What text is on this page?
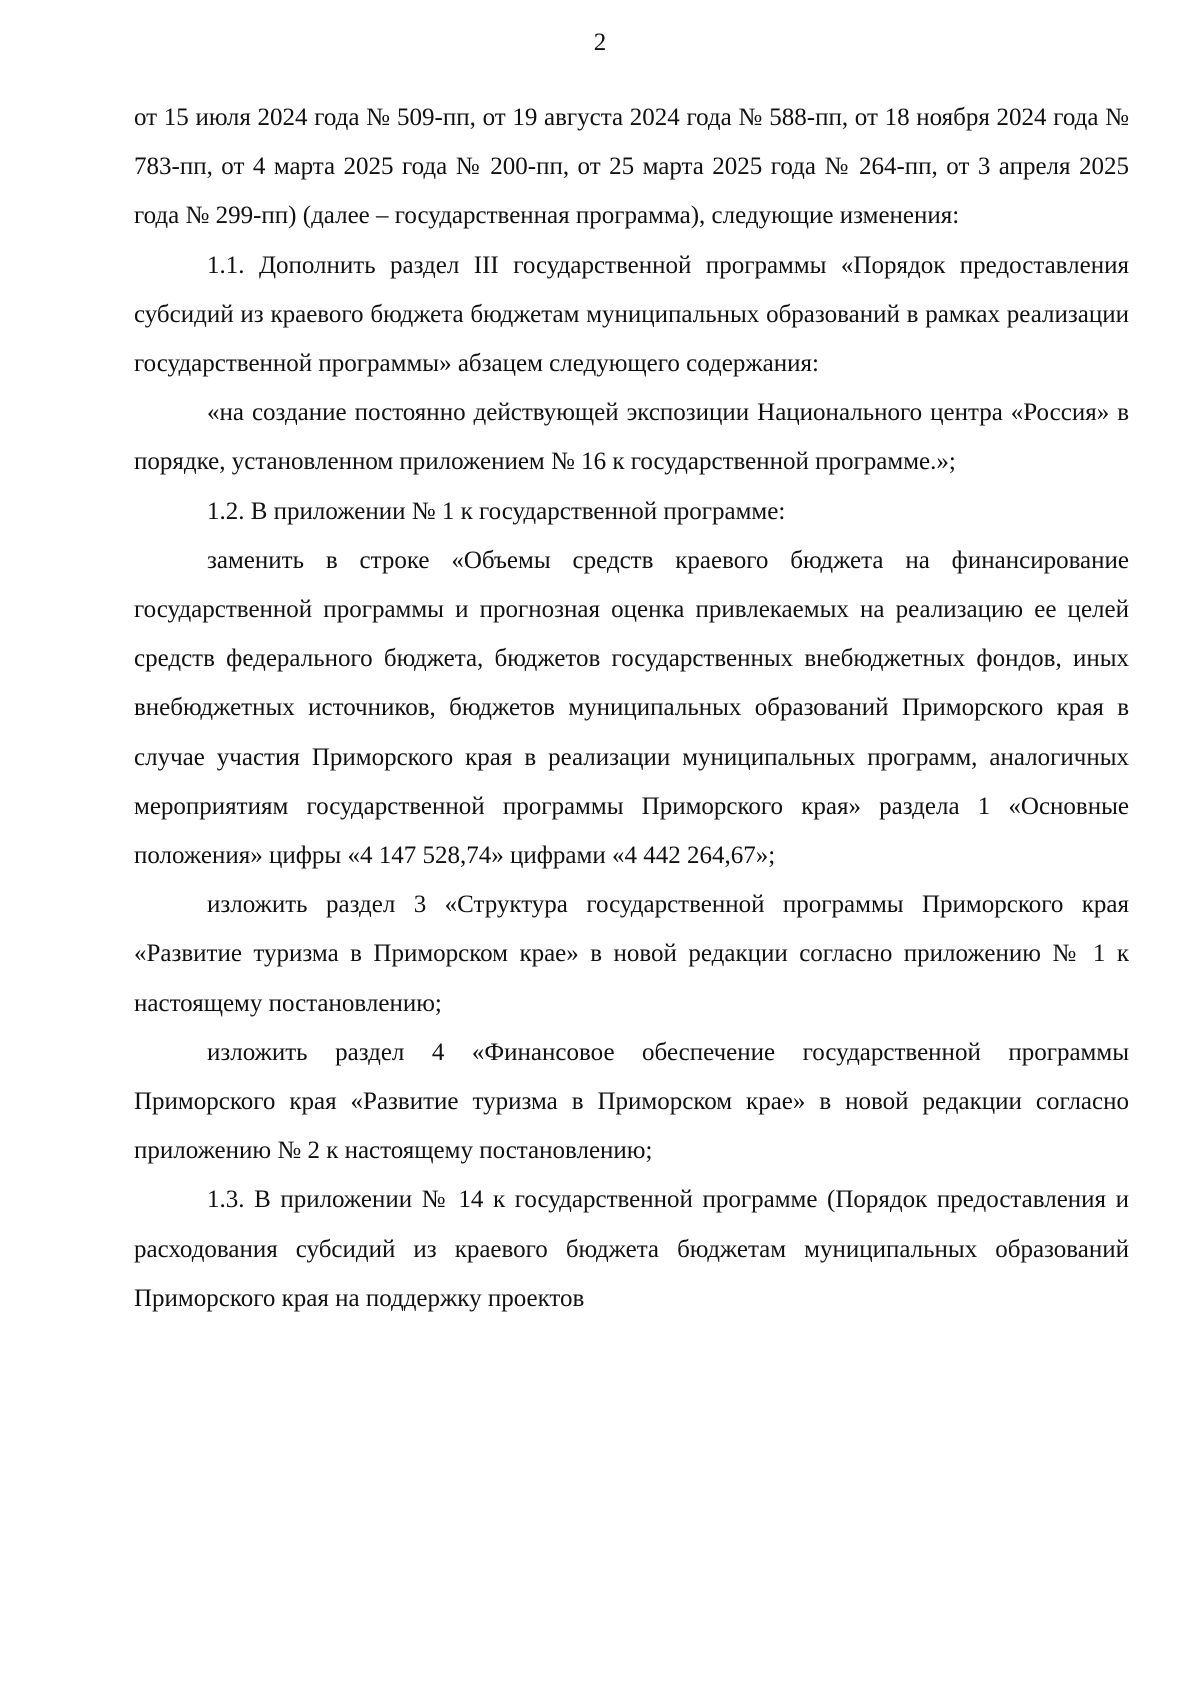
2

от 15 июля 2024 года № 509-пп, от 19 августа 2024 года № 588-пп, от 18 ноября 2024 года № 783-пп, от 4 марта 2025 года № 200-пп, от 25 марта 2025 года № 264-пп, от 3 апреля 2025 года № 299-пп) (далее – государственная программа), следующие изменения:

1.1. Дополнить раздел III государственной программы «Порядок предоставления субсидий из краевого бюджета бюджетам муниципальных образований в рамках реализации государственной программы» абзацем следующего содержания:

«на создание постоянно действующей экспозиции Национального центра «Россия» в порядке, установленном приложением № 16 к государственной программе.»;

1.2. В приложении № 1 к государственной программе:

заменить в строке «Объемы средств краевого бюджета на финансирование государственной программы и прогнозная оценка привлекаемых на реализацию ее целей средств федерального бюджета, бюджетов государственных внебюджетных фондов, иных внебюджетных источников, бюджетов муниципальных образований Приморского края в случае участия Приморского края в реализации муниципальных программ, аналогичных мероприятиям государственной программы Приморского края» раздела 1 «Основные положения» цифры «4 147 528,74» цифрами «4 442 264,67»;

изложить раздел 3 «Структура государственной программы Приморского края «Развитие туризма в Приморском крае» в новой редакции согласно приложению № 1 к настоящему постановлению;

изложить раздел 4 «Финансовое обеспечение государственной программы Приморского края «Развитие туризма в Приморском крае» в новой редакции согласно приложению № 2 к настоящему постановлению;

1.3. В приложении № 14 к государственной программе (Порядок предоставления и расходования субсидий из краевого бюджета бюджетам муниципальных образований Приморского края на поддержку проектов
